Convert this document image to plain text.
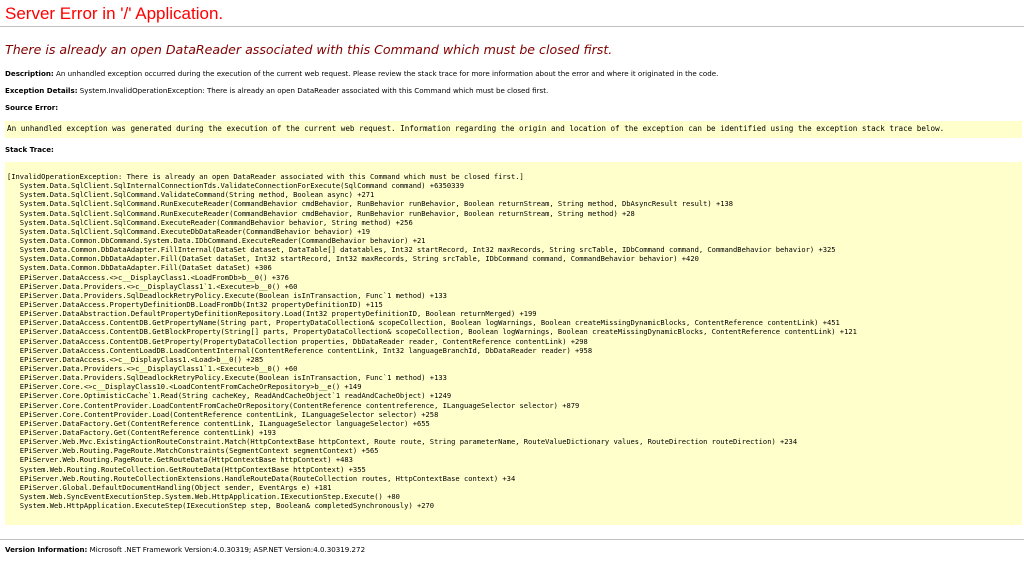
Server Error in '/' Application.
There is already an open DataReader associated with this Command which must be closed first.
Description: An unhandled exception occurred during the execution of the current web request. Please review the stack trace for more information about the error and where it originated in the code.
Exception Details: System.InvalidOperationException: There is already an open DataReader associated with this Command which must be closed first.
Source Error:
An unhandled exception was generated during the execution of the current web request. Information regarding the origin and location of the exception can be identified using the exception stack trace below.
Stack Trace:
[InvalidOperationException: There is already an open DataReader associated with this Command which must be closed first.]
System.Data.SqlClient.SqlInternalConnectionTds.ValidateConnectionForExecute(SqlCommand command) +6350339
System.Data.SqlClient.SqlCommand.ValidateCommand(String method, Boolean async) +271
System.Data.SqlClient.SqlCommand.RunExecuteReader(CommandBehavior cmdBehavior, RunBehavior runBehavior, Boolean returnStream, String method, DbAsyncResult result) +138
System.Data.SqlClient.SqlCommand.RunExecuteReader(CommandBehavior cmdBehavior, RunBehavior runBehavior, Boolean returnStream, String method) +28
System.Data.SqlClient.SqlCommand.ExecuteReader(CommandBehavior behavior, String method) +256
System.Data.SqlClient.SqlCommand.ExecuteDbDataReader(CommandBehavior behavior) +19
System.Data.Common.DbCommand.System.Data.IDbCommand.ExecuteReader(CommandBehavior behavior) +21
System.Data.Common.DbDataAdapter.FillInternal(DataSet dataset, DataTable[] datatables, Int32 startRecord, Int32 maxRecords, String srcTable, IDbCommand command, CommandBehavior behavior) +325
System.Data.Common.DbDataAdapter.Fill(DataSet dataSet, Int32 startRecord, Int32 maxRecords, String srcTable, IDbCommand command, CommandBehavior behavior) +420
System.Data.Common.DbDataAdapter.Fill(DataSet dataSet) +306
EPiServer.DataAccess.<>c__DisplayClass1.<LoadFromDb>b__0() +376
EPiServer.Data.Providers.<>c__DisplayClass1`1.<Execute>b__0() +60
EPiServer.Data.Providers.SqlDeadlockRetryPolicy.Execute(Boolean isInTransaction, Func`1 method) +133
EPiServer.DataAccess.PropertyDefinitionDB.LoadFromDb(Int32 propertyDefinitionID) +115
EPiServer.DataAbstraction.DefaultPropertyDefinitionRepository.Load(Int32 propertyDefinitionID, Boolean returnMerged) +199
EPiServer.DataAccess.ContentDB.GetPropertyName(String part, PropertyDataCollection& scopeCollection, Boolean logWarnings, Boolean createMissingDynamicBlocks, ContentReference contentLink) +451
EPiServer.DataAccess.ContentDB.GetBlockProperty(String[] parts, PropertyDataCollection& scopeCollection, Boolean logWarnings, Boolean createMissingDynamicBlocks, ContentReference contentLink) +121
EPiServer.DataAccess.ContentDB.GetProperty(PropertyDataCollection properties, DbDataReader reader, ContentReference contentLink) +298
EPiServer.DataAccess.ContentLoadDB.LoadContentInternal(ContentReference contentLink, Int32 languageBranchId, DbDataReader reader) +958
EPiServer.DataAccess.<>c__DisplayClass1.<Load>b__0() +285
EPiServer.Data.Providers.<>c__DisplayClass1`1.<Execute>b__0() +60
EPiServer.Data.Providers.SqlDeadlockRetryPolicy.Execute(Boolean isInTransaction, Func`1 method) +133
EPiServer.Core.<>c__DisplayClass10.<LoadContentFromCacheOrRepository>b__e() +149
EPiServer.Core.OptimisticCache`1.Read(String cacheKey, ReadAndCacheObject`1 readAndCacheObject) +1249
EPiServer.Core.ContentProvider.LoadContentFromCacheOrRepository(ContentReference contentreference, ILanguageSelector selector) +879
EPiServer.Core.ContentProvider.Load(ContentReference contentLink, ILanguageSelector selector) +258
EPiServer.DataFactory.Get(ContentReference contentLink, ILanguageSelector languageSelector) +655
EPiServer.DataFactory.Get(ContentReference contentLink) +193
EPiServer.Web.Mvc.ExistingActionRouteConstraint.Match(HttpContextBase httpContext, Route route, String parameterName, RouteValueDictionary values, RouteDirection routeDirection) +234
EPiServer.Web.Routing.PageRoute.MatchConstraints(SegmentContext segmentContext) +565
EPiServer.Web.Routing.PageRoute.GetRouteData(HttpContextBase httpContext) +483
System.Web.Routing.RouteCollection.GetRouteData(HttpContextBase httpContext) +355
EPiServer.Web.Routing.RouteCollectionExtensions.HandleRouteData(RouteCollection routes, HttpContextBase context) +34
EPiServer.Global.DefaultDocumentHandling(Object sender, EventArgs e) +181
System.Web.SyncEventExecutionStep.System.Web.HttpApplication.IExecutionStep.Execute() +80
System.Web.HttpApplication.ExecuteStep(IExecutionStep step, Boolean& completedSynchronously) +270
Version Information: Microsoft .NET Framework Version:4.0.30319; ASP.NET Version:4.0.30319.272
